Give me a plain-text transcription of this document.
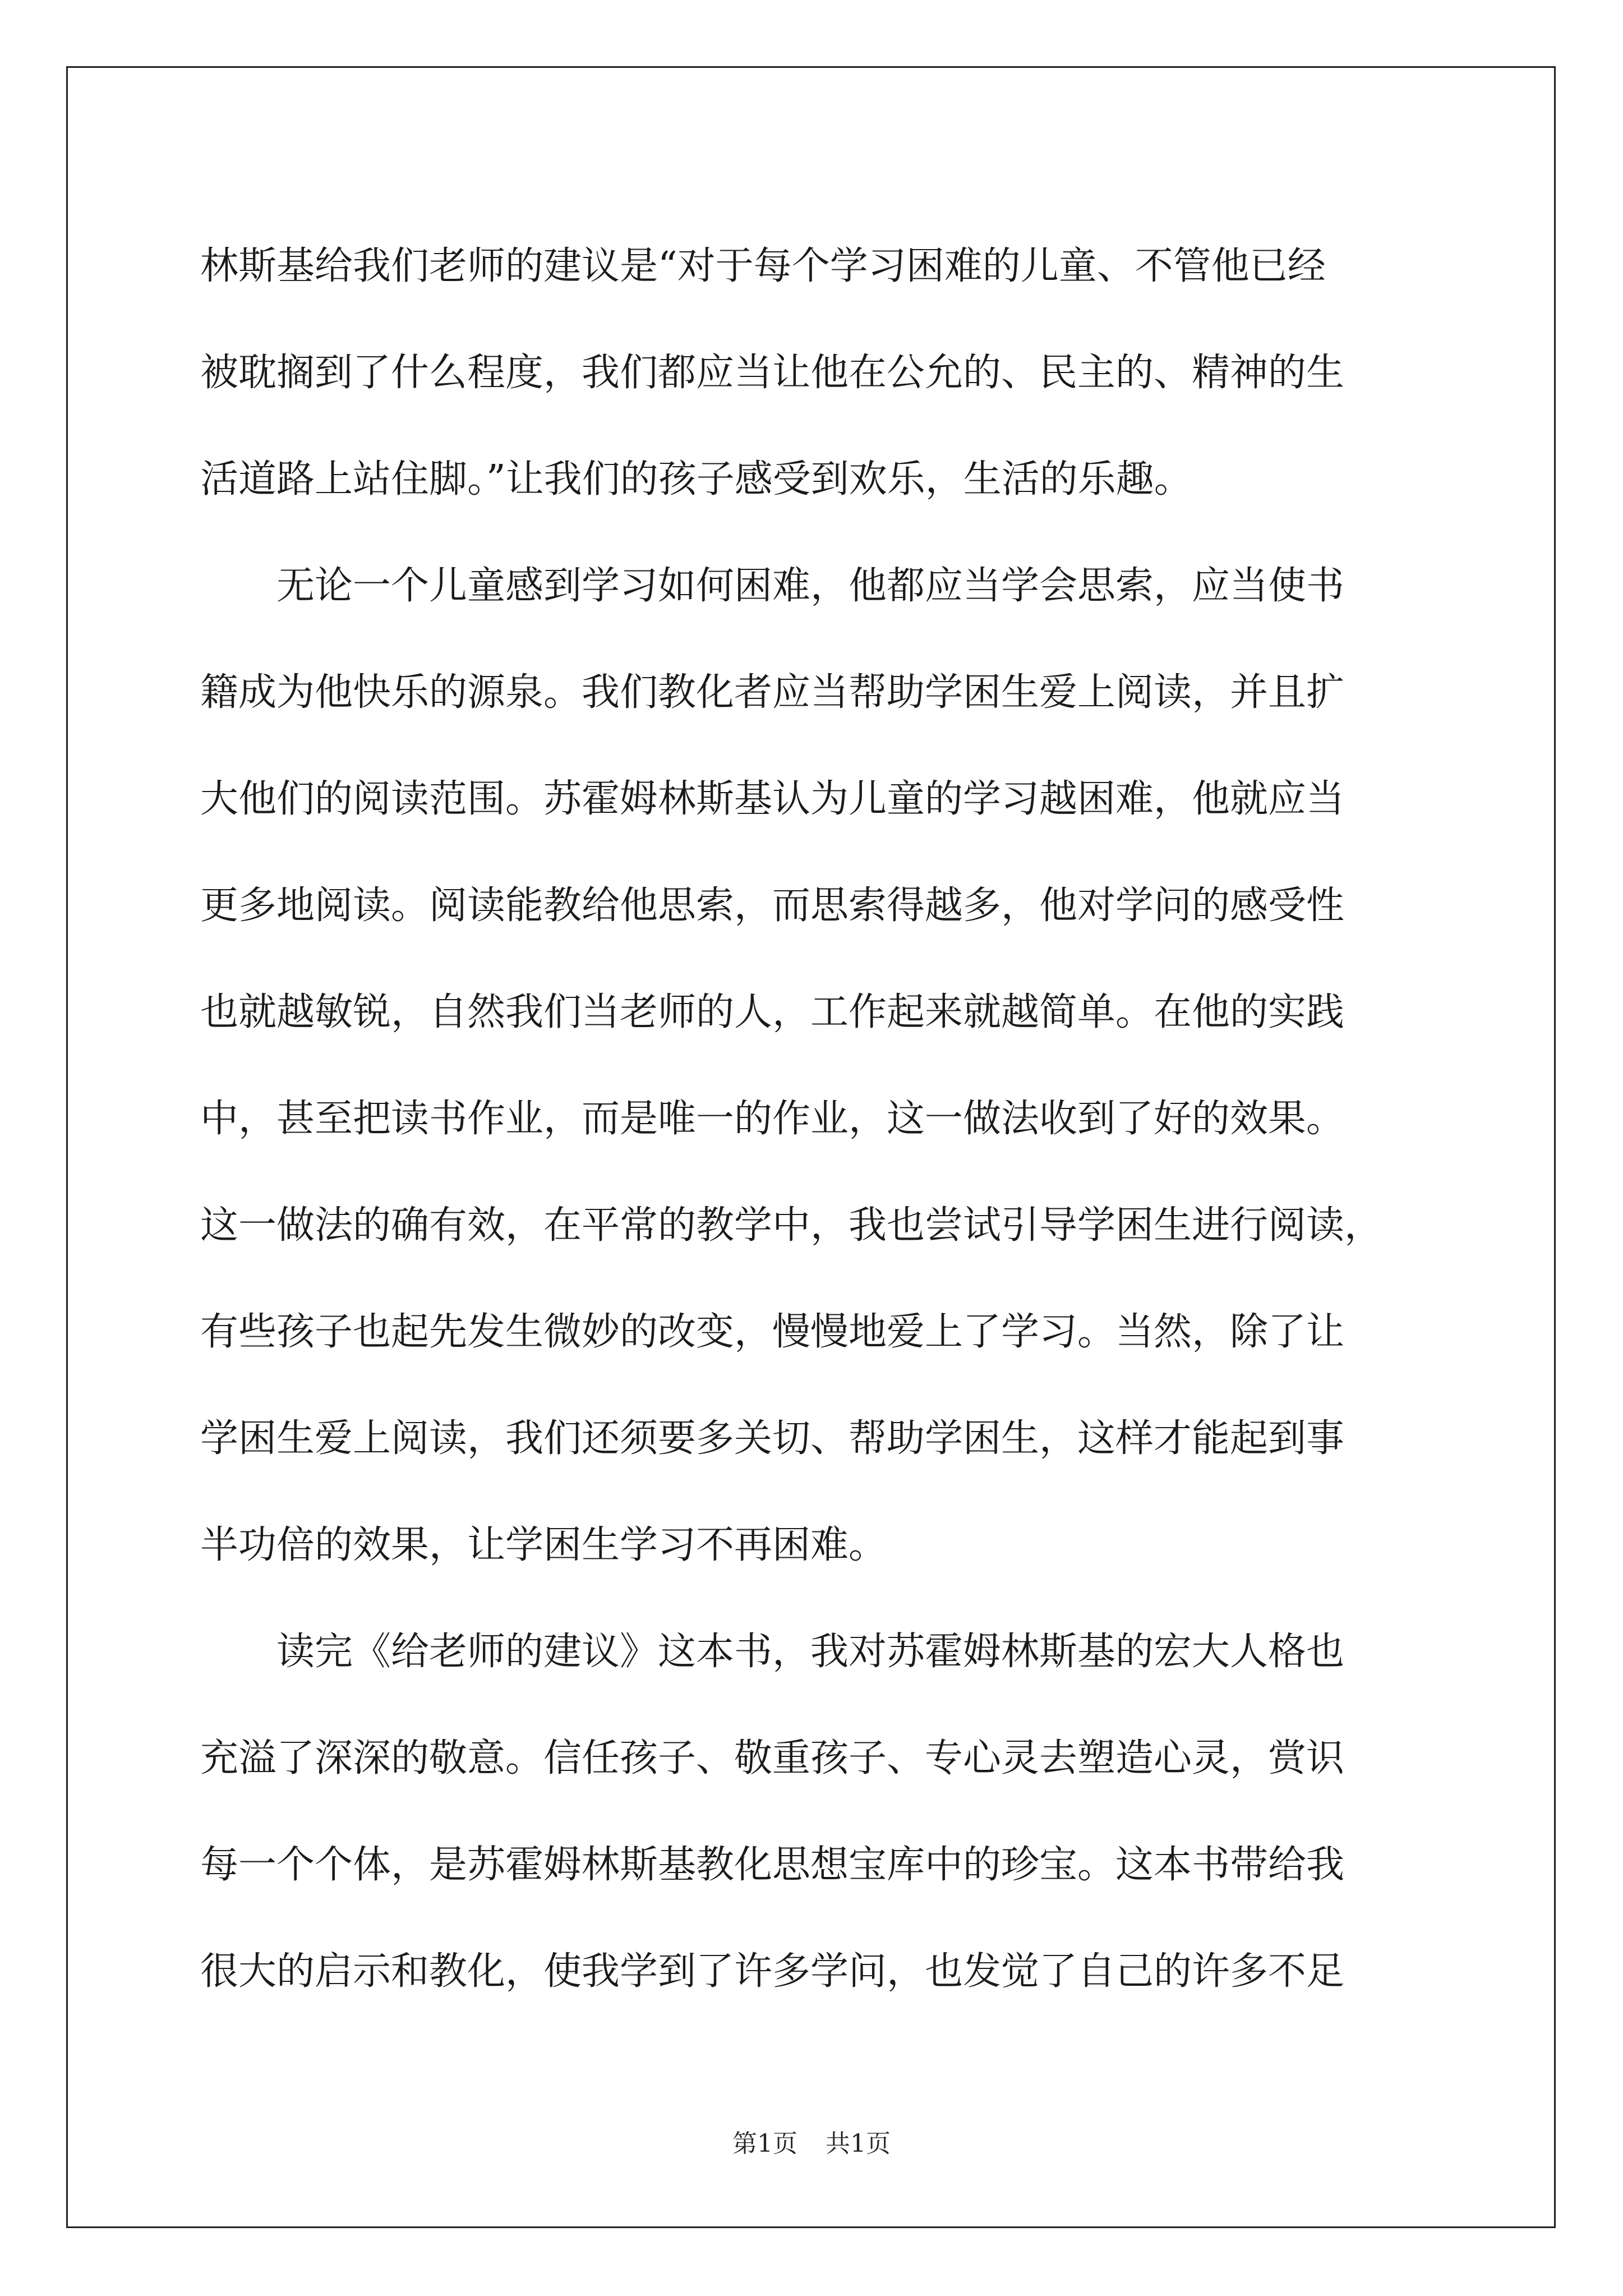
林斯基给我们老师的建议是“对于每个学习困难的儿童、不管他已经
被耽搁到了什么程度，我们都应当让他在公允的、民主的、精神的生
活道路上站住脚。”让我们的孩子感受到欢乐，生活的乐趣。
　　无论一个儿童感到学习如何困难，他都应当学会思索，应当使书
籍成为他快乐的源泉。我们教化者应当帮助学困生爱上阅读，并且扩
大他们的阅读范围。苏霍姆林斯基认为儿童的学习越困难，他就应当
更多地阅读。阅读能教给他思索，而思索得越多，他对学问的感受性
也就越敏锐，自然我们当老师的人，工作起来就越简单。在他的实践
中，甚至把读书作业，而是唯一的作业，这一做法收到了好的效果。
这一做法的确有效，在平常的教学中，我也尝试引导学困生进行阅读，
有些孩子也起先发生微妙的改变，慢慢地爱上了学习。当然，除了让
学困生爱上阅读，我们还须要多关切、帮助学困生，这样才能起到事
半功倍的效果，让学困生学习不再困难。
　　读完《给老师的建议》这本书，我对苏霍姆林斯基的宏大人格也
充溢了深深的敬意。信任孩子、敬重孩子、专心灵去塑造心灵，赏识
每一个个体，是苏霍姆林斯基教化思想宝库中的珍宝。这本书带给我
很大的启示和教化，使我学到了许多学问，也发觉了自己的许多不足
第1页 共1页
